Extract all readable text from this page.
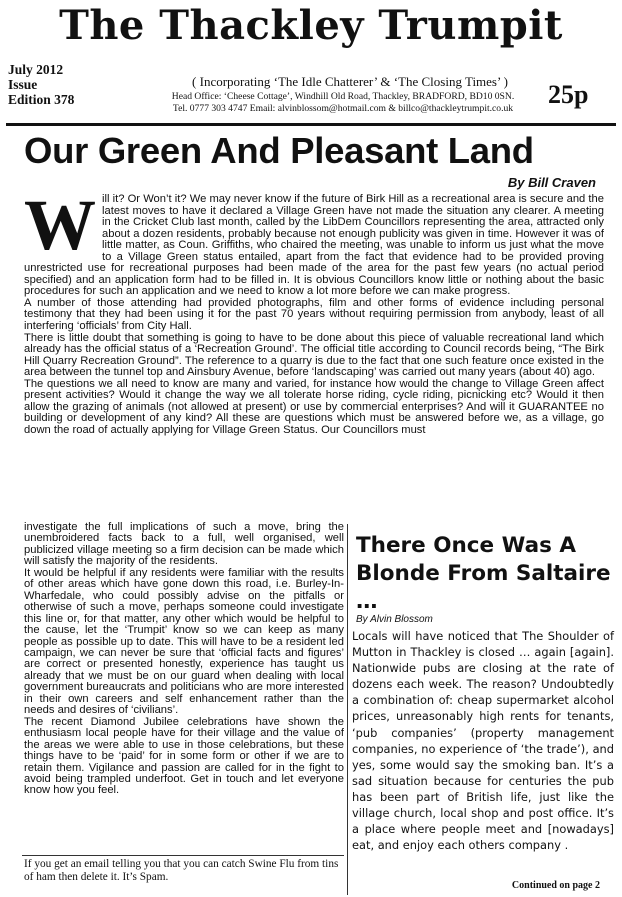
The Thackley Trumpit
July 2012
Issue
Edition 378
( Incorporating ‘The Idle Chatterer’ & ‘The Closing Times’ )
Head Office: ‘Cheese Cottage’, Windhill Old Road, Thackley, BRADFORD, BD10 0SN.
Tel. 0777 303 4747 Email: alvinblossom@hotmail.com & billco@thackleytrumpit.co.uk	25p
Our Green And Pleasant Land
By Bill Craven
W ill it? Or Won’t it? We may never know if the future of Birk Hill as a recreational area is secure and the latest moves to have it declared a Village Green have not made the situation any clearer. A meeting in the Cricket Club last month, called by the LibDem Councillors representing the area, attracted only about a dozen residents, probably because not enough publicity was given in time. However it was of little matter, as Coun. Griffiths, who chaired the meeting, was unable to inform us just what the move to a Village Green status entailed, apart from the fact that evidence had to be provided proving unrestricted use for recreational purposes had been made of the area for the past few years (no actual period specified) and an application form had to be filled in. It is obvious Councillors know little or nothing about the basic procedures for such an application and we need to know a lot more before we can make progress.

A number of those attending had provided photographs, film and other forms of evidence including personal testimony that they had been using it for the past 70 years without requiring permission from anybody, least of all interfering ‘officials’ from City Hall.

There is little doubt that something is going to have to be done about this piece of valuable recreational land which already has the official status of a ‘Recreation Ground’. The official title according to Council records being, “The Birk Hill Quarry Recreation Ground”. The reference to a quarry is due to the fact that one such feature once existed in the area between the tunnel top and Ainsbury Avenue, before ‘landscaping’ was carried out many years (about 40) ago.

The questions we all need to know are many and varied, for instance how would the change to Village Green affect present activities? Would it change the way we all tolerate horse riding, cycle riding, picnicking etc? Would it then allow the grazing of animals (not allowed at present) or use by commercial enterprises? And will it GUARANTEE no building or development of any kind? All these are questions which must be answered before we, as a village, go down the road of actually applying for Village Green Status. Our Councillors must

investigate the full implications of such a move, bring the unembroidered facts back to a full, well organised, well publicized village meeting so a firm decision can be made which will satisfy the majority of the residents.

It would be helpful if any residents were familiar with the results of other areas which have gone down this road, i.e. Burley-In-Wharfedale, who could possibly advise on the pitfalls or otherwise of such a move, perhaps someone could investigate this line or, for that matter, any other which would be helpful to the cause, let the ‘Trumpit’ know so we can keep as many people as possible up to date. This will have to be a resident led campaign, we can never be sure that ‘official facts and figures’ are correct or presented honestly, experience has taught us already that we must be on our guard when dealing with local government bureaucrats and politicians who are more interested in their own careers and self enhancement rather than the needs and desires of ‘civilians’.

The recent Diamond Jubilee celebrations have shown the enthusiasm local people have for their village and the value of the areas we were able to use in those celebrations, but these things have to be ‘paid’ for in some form or other if we are to retain them. Vigilance and passion are called for in the fight to avoid being trampled underfoot. Get in touch and let everyone know how you feel.

If you get an email telling you that you can catch Swine Flu from tins of ham then delete it. It’s Spam.
There Once Was A Blonde From Saltaire …
By Alvin Blossom
Locals will have noticed that The Shoulder of Mutton in Thackley is closed … again [again]. Nationwide pubs are closing at the rate of dozens each week. The reason? Undoubtedly a combination of: cheap supermarket alcohol prices, unreasonably high rents for tenants, ‘pub companies’ (property management companies, no experience of ‘the trade’), and yes, some would say the smoking ban. It’s a sad situation because for centuries the pub has been part of British life, just like the village church, local shop and post office. It’s a place where people meet and [nowadays] eat, and enjoy each others company .
Continued on page 2
